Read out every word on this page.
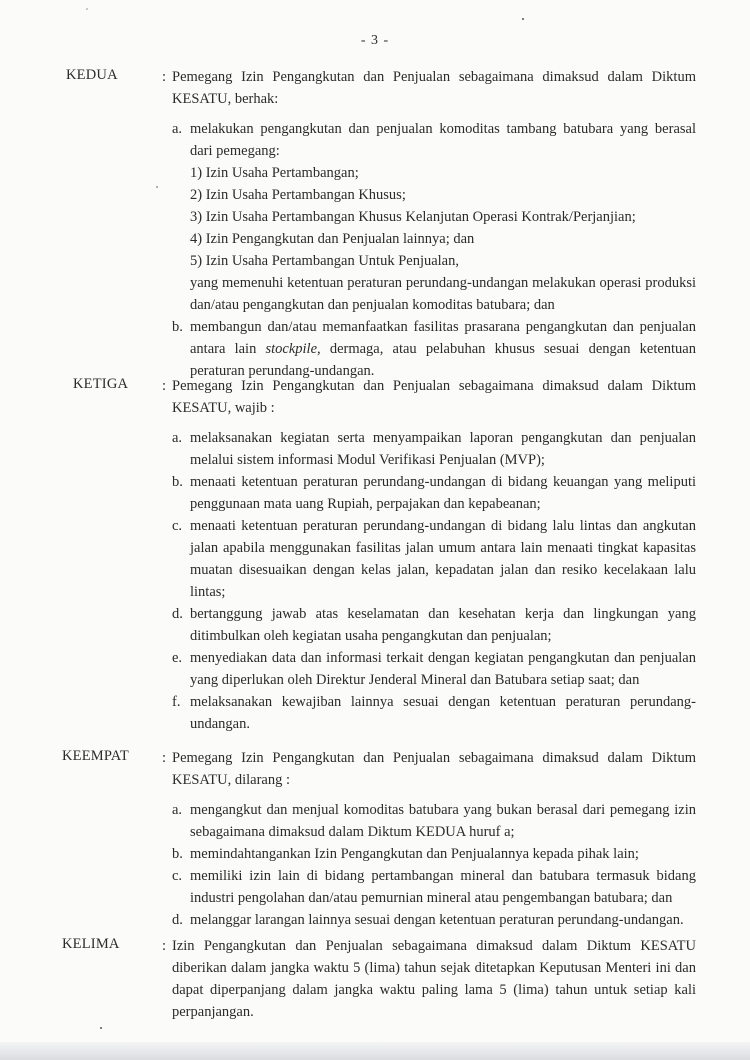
- 3 -
KEDUA	: Pemegang Izin Pengangkutan dan Penjualan sebagaimana dimaksud dalam Diktum KESATU, berhak:
a. melakukan pengangkutan dan penjualan komoditas tambang batubara yang berasal dari pemegang:
1) Izin Usaha Pertambangan;
2) Izin Usaha Pertambangan Khusus;
3) Izin Usaha Pertambangan Khusus Kelanjutan Operasi Kontrak/Perjanjian;
4) Izin Pengangkutan dan Penjualan lainnya; dan
5) Izin Usaha Pertambangan Untuk Penjualan,
yang memenuhi ketentuan peraturan perundang-undangan melakukan operasi produksi dan/atau pengangkutan dan penjualan komoditas batubara; dan
b. membangun dan/atau memanfaatkan fasilitas prasarana pengangkutan dan penjualan antara lain stockpile, dermaga, atau pelabuhan khusus sesuai dengan ketentuan peraturan perundang-undangan.
KETIGA : Pemegang Izin Pengangkutan dan Penjualan sebagaimana dimaksud dalam Diktum KESATU, wajib :
a. melaksanakan kegiatan serta menyampaikan laporan pengangkutan dan penjualan melalui sistem informasi Modul Verifikasi Penjualan (MVP);
b. menaati ketentuan peraturan perundang-undangan di bidang keuangan yang meliputi penggunaan mata uang Rupiah, perpajakan dan kepabeanan;
c. menaati ketentuan peraturan perundang-undangan di bidang lalu lintas dan angkutan jalan apabila menggunakan fasilitas jalan umum antara lain menaati tingkat kapasitas muatan disesuaikan dengan kelas jalan, kepadatan jalan dan resiko kecelakaan lalu lintas;
d. bertanggung jawab atas keselamatan dan kesehatan kerja dan lingkungan yang ditimbulkan oleh kegiatan usaha pengangkutan dan penjualan;
e. menyediakan data dan informasi terkait dengan kegiatan pengangkutan dan penjualan yang diperlukan oleh Direktur Jenderal Mineral dan Batubara setiap saat; dan
f. melaksanakan kewajiban lainnya sesuai dengan ketentuan peraturan perundang-undangan.
KEEMPAT : Pemegang Izin Pengangkutan dan Penjualan sebagaimana dimaksud dalam Diktum KESATU, dilarang :
a. mengangkut dan menjual komoditas batubara yang bukan berasal dari pemegang izin sebagaimana dimaksud dalam Diktum KEDUA huruf a;
b. memindahtangankan Izin Pengangkutan dan Penjualannya kepada pihak lain;
c. memiliki izin lain di bidang pertambangan mineral dan batubara termasuk bidang industri pengolahan dan/atau pemurnian mineral atau pengembangan batubara; dan
d. melanggar larangan lainnya sesuai dengan ketentuan peraturan perundang-undangan.
KELIMA	: Izin Pengangkutan dan Penjualan sebagaimana dimaksud dalam Diktum KESATU diberikan dalam jangka waktu 5 (lima) tahun sejak ditetapkan Keputusan Menteri ini dan dapat diperpanjang dalam jangka waktu paling lama 5 (lima) tahun untuk setiap kali perpanjangan.
